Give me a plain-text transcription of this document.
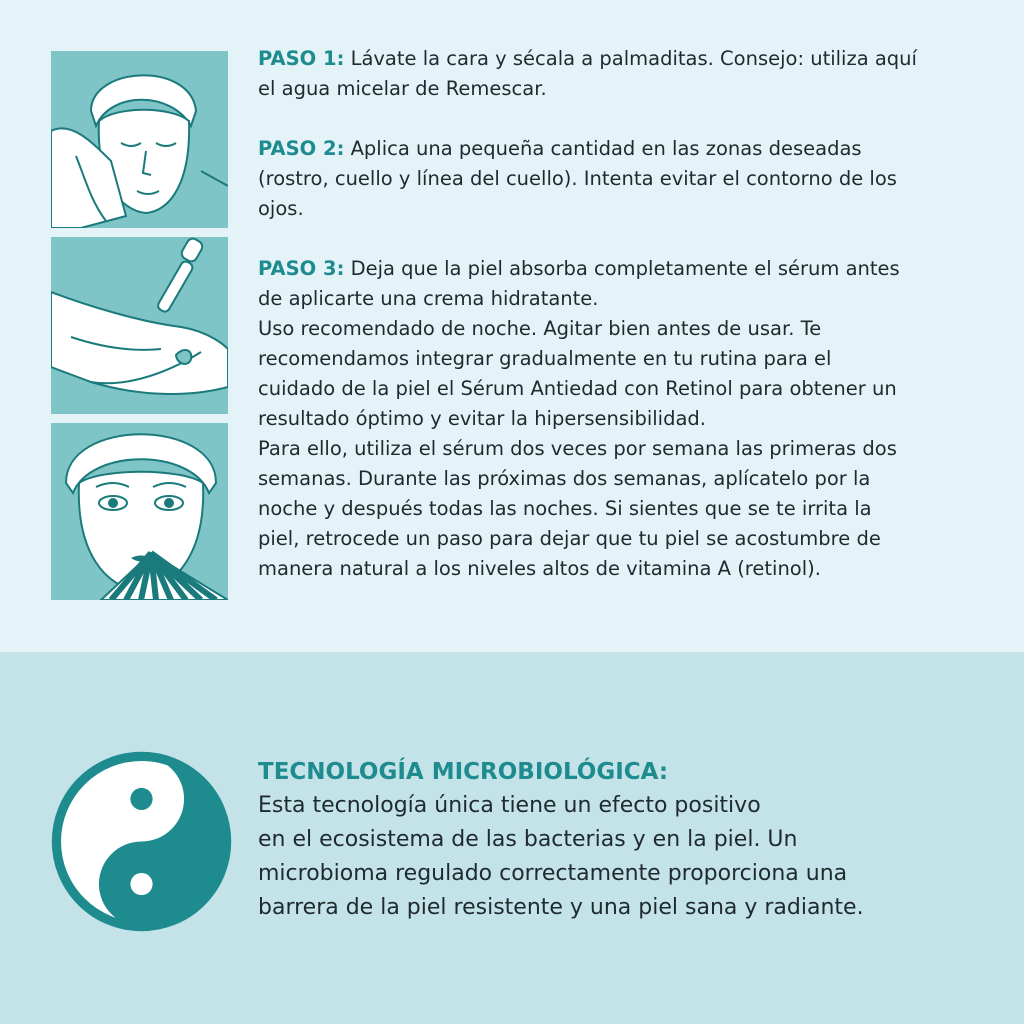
PASO 1: Lávate la cara y sécala a palmaditas. Consejo: utiliza aquí
el agua micelar de Remescar.

PASO 2: Aplica una pequeña cantidad en las zonas deseadas
(rostro, cuello y línea del cuello). Intenta evitar el contorno de los
ojos.

PASO 3: Deja que la piel absorba completamente el sérum antes
de aplicarte una crema hidratante.
Uso recomendado de noche. Agitar bien antes de usar. Te
recomendamos integrar gradualmente en tu rutina para el
cuidado de la piel el Sérum Antiedad con Retinol para obtener un
resultado óptimo y evitar la hipersensibilidad.
Para ello, utiliza el sérum dos veces por semana las primeras dos
semanas. Durante las próximas dos semanas, aplícatelo por la
noche y después todas las noches. Si sientes que se te irrita la
piel, retrocede un paso para dejar que tu piel se acostumbre de
manera natural a los niveles altos de vitamina A (retinol).

TECNOLOGÍA MICROBIOLÓGICA:

Esta tecnología única tiene un efecto positivo

en el ecosistema de las bacterias y en la piel. Un

microbioma regulado correctamente proporciona una

barrera de la piel resistente y una piel sana y radiante.
